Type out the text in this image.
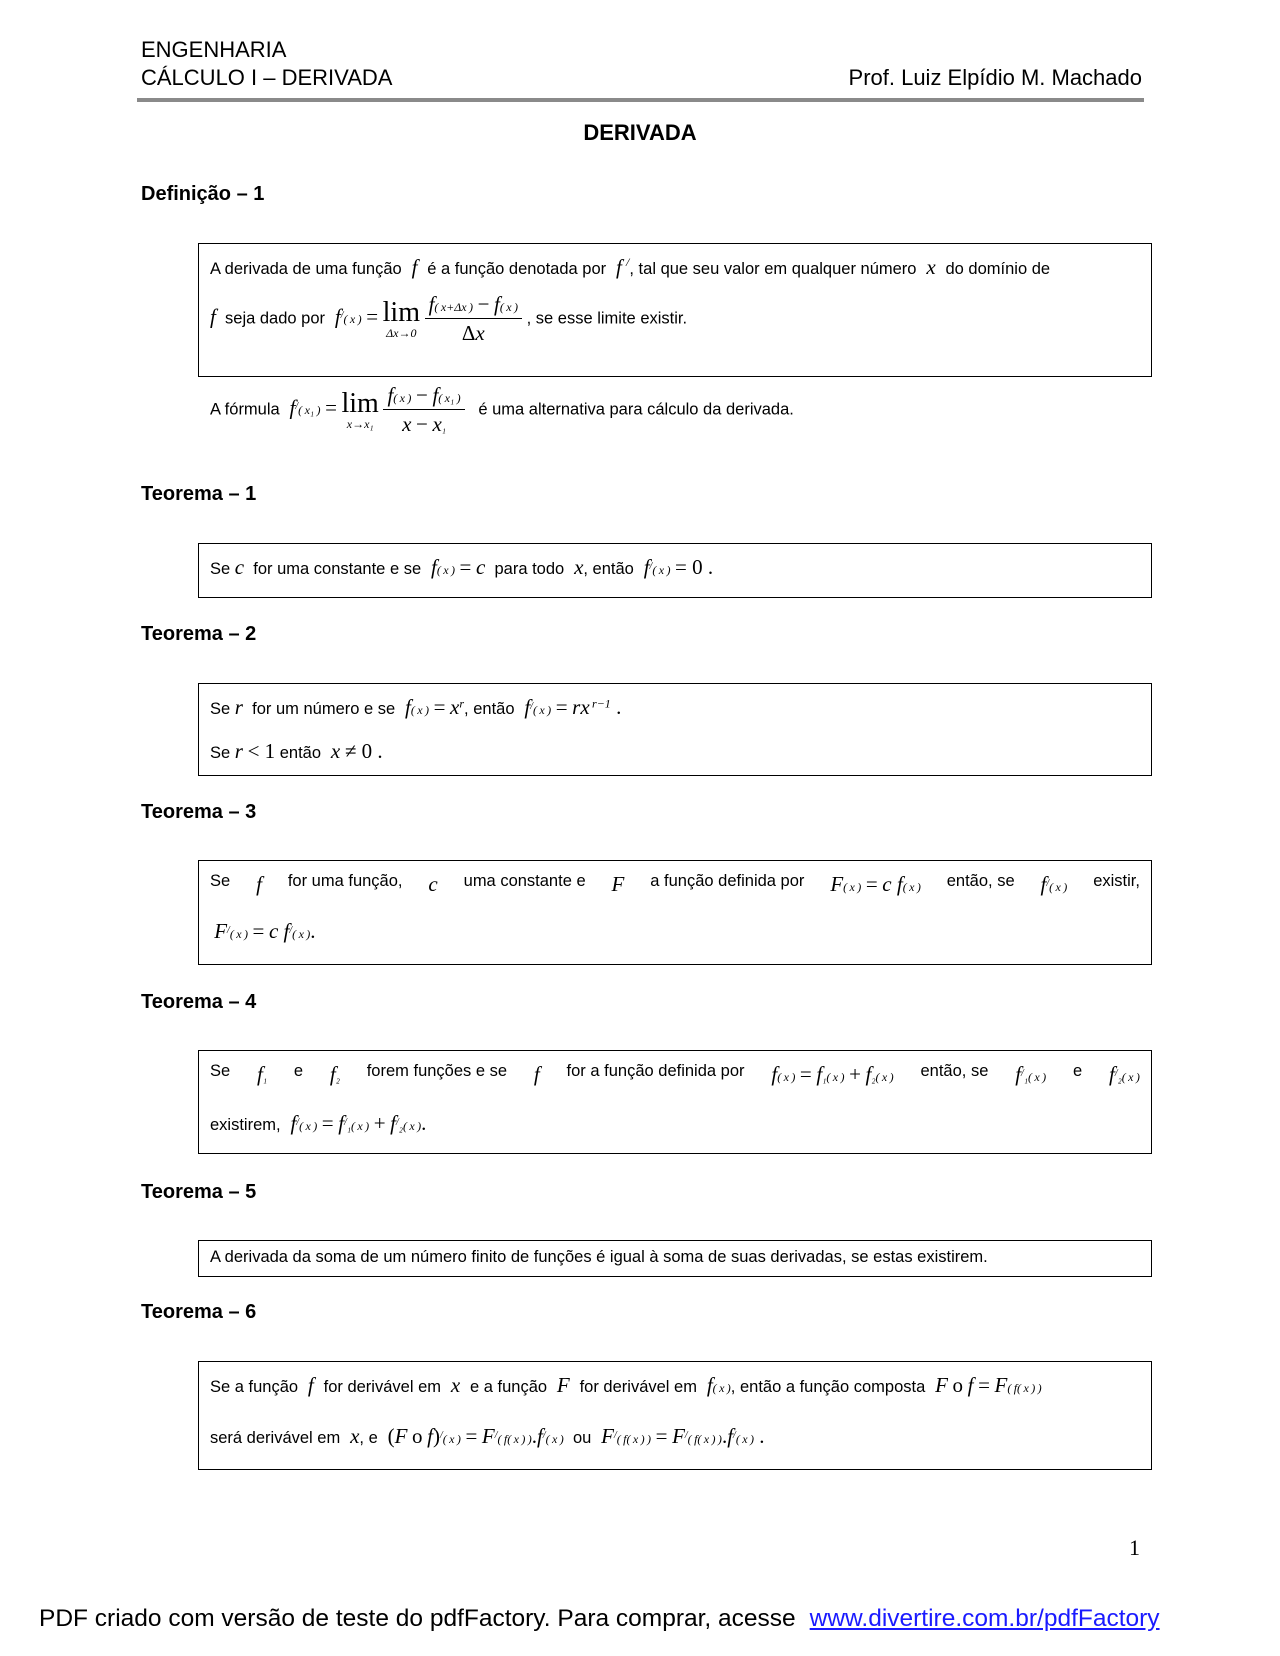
ENGENHARIA
CÁLCULO I – DERIVADA	Prof. Luiz Elpídio M. Machado
DERIVADA
Definição – 1
A derivada de uma função  f  é a função denotada por  f /, tal que seu valor em qualquer número  x  do domínio de
f seja dado por  f/( x ) = lim
Δx→0
$\frac{f( x+\Delta x ) - f( x )}{\Delta x}$ , se esse limite existir.
A fórmula  f/( x₁ ) = lim
x→x₁
$\frac{\text{f( x ) − f( x₁ )}}{\text{x − x₁}}$ é uma alternativa para cálculo da derivada.
Teorema – 1
Se c for uma constante e se  f( x ) = c para todo  x, então  f/( x ) = 0 .
Teorema – 2
Se r for um número e se  f( x ) = $x^r$, então  f/( x ) = rx $^{r-1}$ .
Se r < 1 então  x ≠ 0 .
Teorema – 3
Se f for uma função, c uma constante e F a função definida por F( x ) = c f( x ) então, se f/( x ) existir,
 F/( x ) = c f/( x ).
Teorema – 4
Se f₁ e f₂ forem funções e se f for a função definida por f( x ) = f₁( x ) + f₂( x ) então, se f/₁( x ) e f/₂( x )
existirem,  f/( x ) = f/₁( x ) + f/₂( x ).
Teorema – 5
A derivada da soma de um número finito de funções é igual à soma de suas derivadas, se estas existirem.
Teorema – 6
Se a função  f  for derivável em  x  e a função  F  for derivável em  f( x ), então a função composta  F o f = F( f( x ) )
será derivável em  x, e  (F o f)/( x ) = F/( f( x ) ).f/( x ) ou  F/( f( x ) ) = F/( f( x ) ).f/( x ) .
1
PDF criado com versão de teste do pdfFactory. Para comprar, acesse www.divertire.com.br/pdfFactory
